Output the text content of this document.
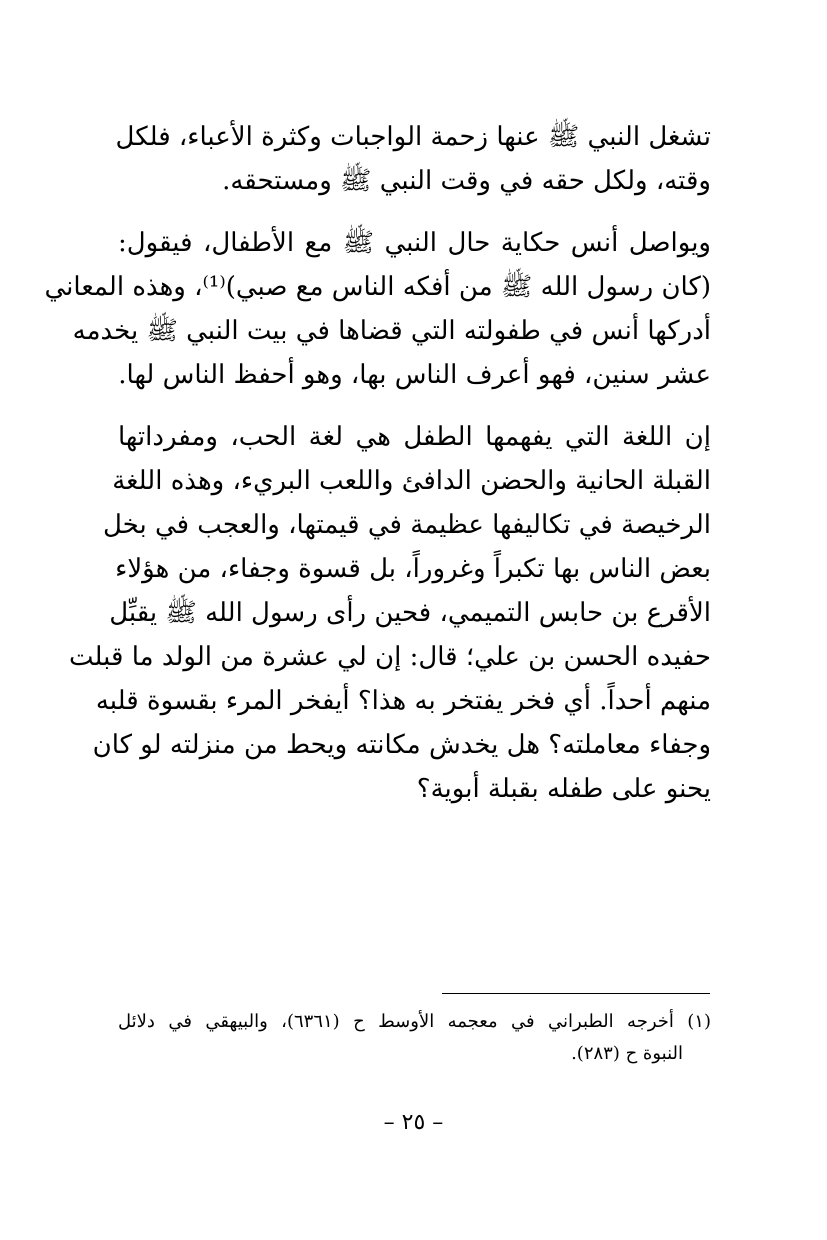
تشغل النبي ﷺ عنها زحمة الواجبات وكثرة الأعباء، فلكل
وقته، ولكل حقه في وقت النبي ﷺ ومستحقه.
ويواصل أنس حكاية حال النبي ﷺ مع الأطفال، فيقول:
(كان رسول الله ﷺ من أفكه الناس مع صبي)⁽¹⁾، وهذه المعاني
أدركها أنس في طفولته التي قضاها في بيت النبي ﷺ يخدمه
عشر سنين، فهو أعرف الناس بها، وهو أحفظ الناس لها.
إن اللغة التي يفهمها الطفل هي لغة الحب، ومفرداتها
القبلة الحانية والحضن الدافئ واللعب البريء، وهذه اللغة
الرخيصة في تكاليفها عظيمة في قيمتها، والعجب في بخل
بعض الناس بها تكبراً وغروراً، بل قسوة وجفاء، من هؤلاء
الأقرع بن حابس التميمي، فحين رأى رسول الله ﷺ يقبِّل
حفيده الحسن بن علي؛ قال: إن لي عشرة من الولد ما قبلت
منهم أحداً. أي فخر يفتخر به هذا؟ أيفخر المرء بقسوة قلبه
وجفاء معاملته؟ هل يخدش مكانته ويحط من منزلته لو كان
يحنو على طفله بقبلة أبوية؟
(١) أخرجه الطبراني في معجمه الأوسط ح (٦٣٦١)، والبيهقي في دلائل
النبوة ح (٢٨٣).
– ٢٥ –
